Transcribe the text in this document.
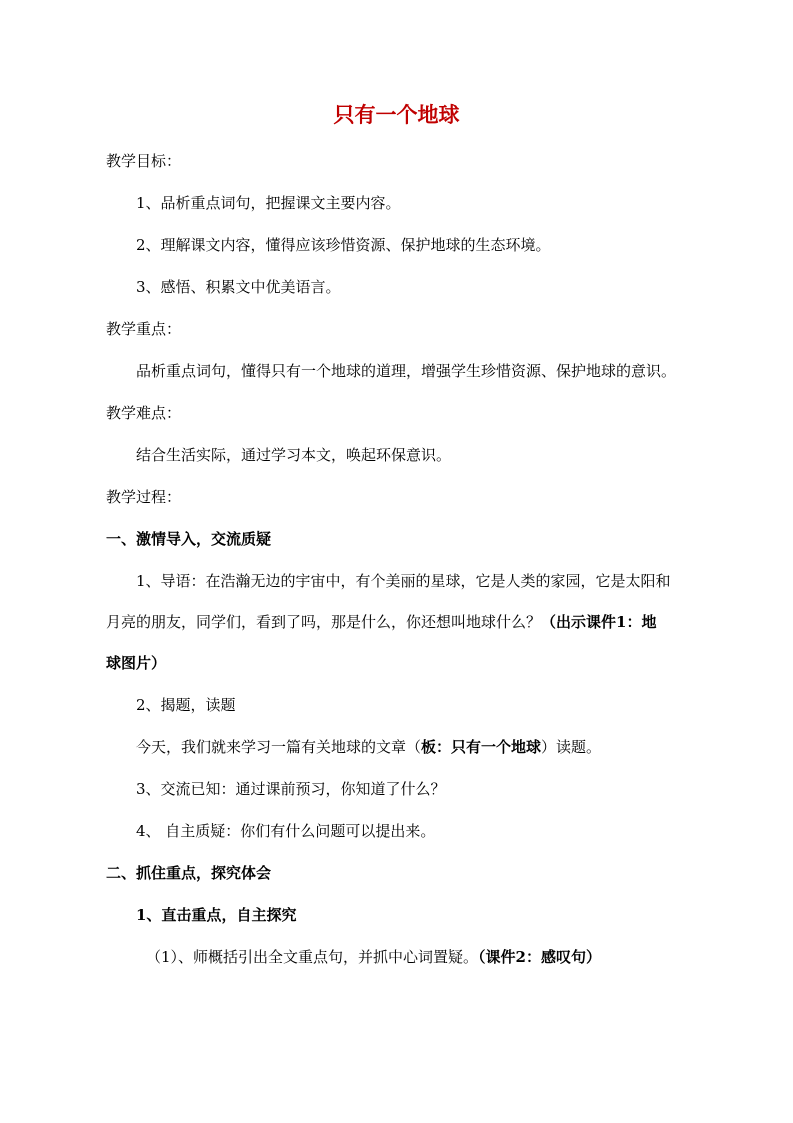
只有一个地球
教学目标：
1、品析重点词句，把握课文主要内容。
2、理解课文内容，懂得应该珍惜资源、保护地球的生态环境。
3、感悟、积累文中优美语言。
教学重点：
品析重点词句，懂得只有一个地球的道理，增强学生珍惜资源、保护地球的意识。
教学难点：
结合生活实际，通过学习本文，唤起环保意识。
教学过程：
一、激情导入，交流质疑
1、导语：在浩瀚无边的宇宙中，有个美丽的星球，它是人类的家园，它是太阳和
月亮的朋友，同学们，看到了吗，那是什么，你还想叫地球什么？（出示课件1：地
球图片）
2、揭题，读题
今天，我们就来学习一篇有关地球的文章（板：只有一个地球）读题。
3、交流已知：通过课前预习，你知道了什么？
4、 自主质疑：你们有什么问题可以提出来。
二、抓住重点，探究体会
1、直击重点，自主探究
（1）、师概括引出全文重点句，并抓中心词置疑。（课件2：感叹句）
